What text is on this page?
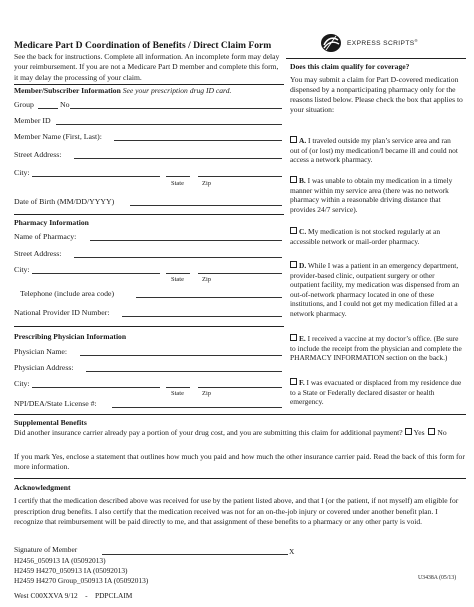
Medicare Part D Coordination of Benefits / Direct Claim Form
See the back for instructions. Complete all information. An incomplete form may delay your reimbursement. If you are not a Medicare Part D member and complete this form, it may delay the processing of your claim.
EXPRESS SCRIPTS®
Member/Subscriber Information See your prescription drug ID card.
Group	No
Member ID
Member Name (First, Last):
Street Address:
City:
State	Zip
Date of Birth (MM/DD/YYYY)
Pharmacy Information
Name of Pharmacy:
Street Address:
City:
State	Zip
Telephone (include area code)
National Provider ID Number:
Prescribing Physician Information
Physician Name:
Physician Address:
City:
State	Zip
NPI/DEA/State License #:
Does this claim qualify for coverage?
You may submit a claim for Part D-covered medication dispensed by a nonparticipating pharmacy only for the reasons listed below. Please check the box that applies to your situation:
A. I traveled outside my plan’s service area and ran out of (or lost) my medication/I became ill and could not access a network pharmacy.
B. I was unable to obtain my medication in a timely manner within my service area (there was no network pharmacy within a reasonable driving distance that provides 24/7 service).
C. My medication is not stocked regularly at an accessible network or mail-order pharmacy.
D. While I was a patient in an emergency department, provider-based clinic, outpatient surgery or other outpatient facility, my medication was dispensed from an out-of-network pharmacy located in one of these institutions, and I could not get my medication filled at a network pharmacy.
E. I received a vaccine at my doctor’s office. (Be sure to include the receipt from the physician and complete the PHARMACY INFORMATION section on the back.)
F. I was evacuated or displaced from my residence due to a State or Federally declared disaster or health emergency.
Supplemental Benefits
Did another insurance carrier already pay a portion of your drug cost, and you are submitting this claim for additional payment? Yes No
If you mark Yes, enclose a statement that outlines how much you paid and how much the other insurance carrier paid. Read the back of this form for more information.
Acknowledgment
I certify that the medication described above was received for use by the patient listed above, and that I (or the patient, if not myself) am eligible for prescription drug benefits. I also certify that the medication received was not for an on-the-job injury or covered under another benefit plan. I recognize that reimbursement will be paid directly to me, and that assignment of these benefits to a pharmacy or any other party is void.
Signature of Member	X
H2456_050913 IA (05092013)
H2459 H4270_050913 IA (05092013)
H2459 H4270 Group_050913 IA (05092013)	U3438A (05/13)
West C00XXVA 9/12    -    PDPCLAIM
